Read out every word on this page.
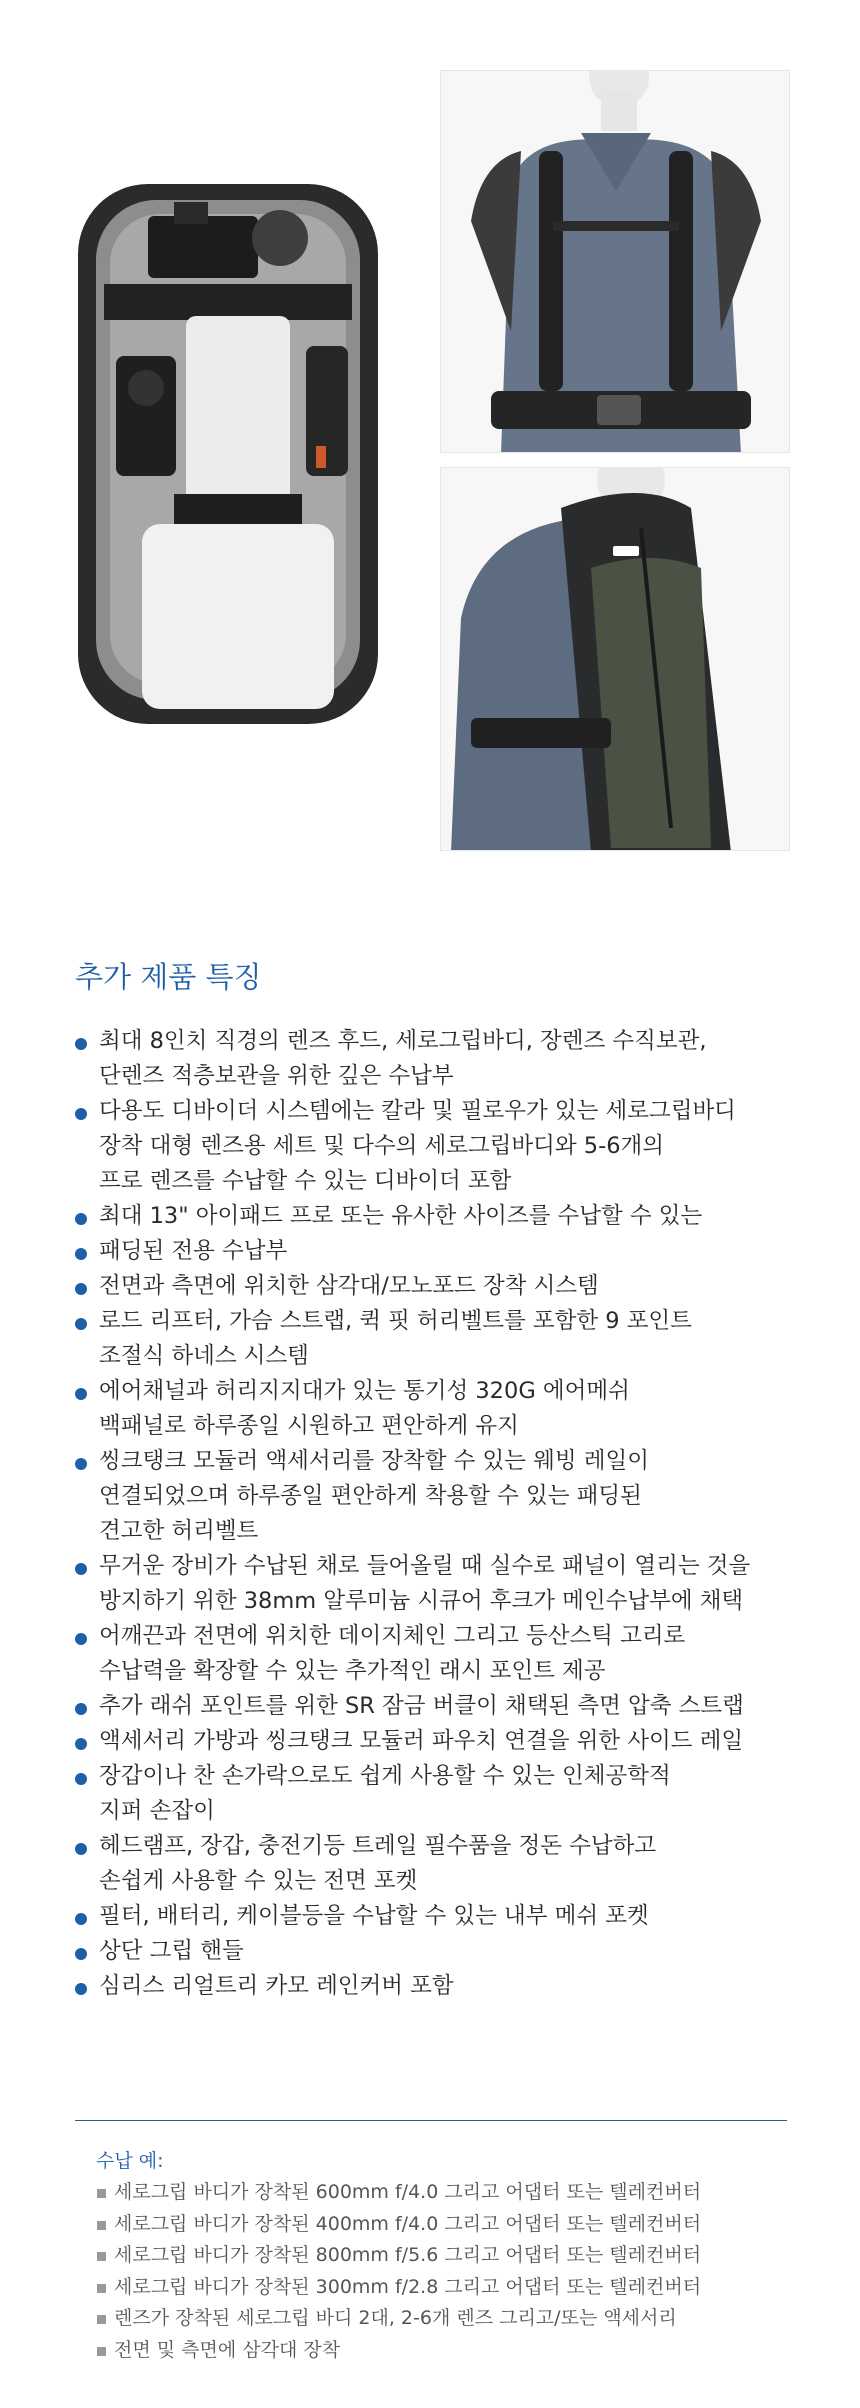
추가 제품 특징
최대 8인치 직경의 렌즈 후드, 세로그립바디, 장렌즈 수직보관,
단렌즈 적층보관을 위한 깊은 수납부
다용도 디바이더 시스템에는 칼라 및 필로우가 있는 세로그립바디
장착 대형 렌즈용 세트 및 다수의 세로그립바디와 5-6개의
프로 렌즈를 수납할 수 있는 디바이더 포함
최대 13" 아이패드 프로 또는 유사한 사이즈를 수납할 수 있는
패딩된 전용 수납부
전면과 측면에 위치한 삼각대/모노포드 장착 시스템
로드 리프터, 가슴 스트랩, 퀵 핏 허리벨트를 포함한 9 포인트
조절식 하네스 시스템
에어채널과 허리지지대가 있는 통기성 320G 에어메쉬
백패널로 하루종일 시원하고 편안하게 유지
씽크탱크 모듈러 액세서리를 장착할 수 있는 웨빙 레일이
연결되었으며 하루종일 편안하게 착용할 수 있는 패딩된
견고한 허리벨트
무거운 장비가 수납된 채로 들어올릴 때 실수로 패널이 열리는 것을
방지하기 위한 38mm 알루미늄 시큐어 후크가 메인수납부에 채택
어깨끈과 전면에 위치한 데이지체인 그리고 등산스틱 고리로
수납력을 확장할 수 있는 추가적인 래시 포인트 제공
추가 래쉬 포인트를 위한 SR 잠금 버클이 채택된 측면 압축 스트랩
액세서리 가방과 씽크탱크 모듈러 파우치 연결을 위한 사이드 레일
장갑이나 찬 손가락으로도 쉽게 사용할 수 있는 인체공학적
지퍼 손잡이
헤드램프, 장갑, 충전기등 트레일 필수품을 정돈 수납하고
손쉽게 사용할 수 있는 전면 포켓
필터, 배터리, 케이블등을 수납할 수 있는 내부 메쉬 포켓
상단 그립 핸들
심리스 리얼트리 카모 레인커버 포함
수납 예:
세로그립 바디가 장착된 600mm f/4.0 그리고 어댑터 또는 텔레컨버터
세로그립 바디가 장착된 400mm f/4.0 그리고 어댑터 또는 텔레컨버터
세로그립 바디가 장착된 800mm f/5.6 그리고 어댑터 또는 텔레컨버터
세로그립 바디가 장착된 300mm f/2.8 그리고 어댑터 또는 텔레컨버터
렌즈가 장착된 세로그립 바디 2대, 2-6개 렌즈 그리고/또는 액세서리
전면 및 측면에 삼각대 장착
